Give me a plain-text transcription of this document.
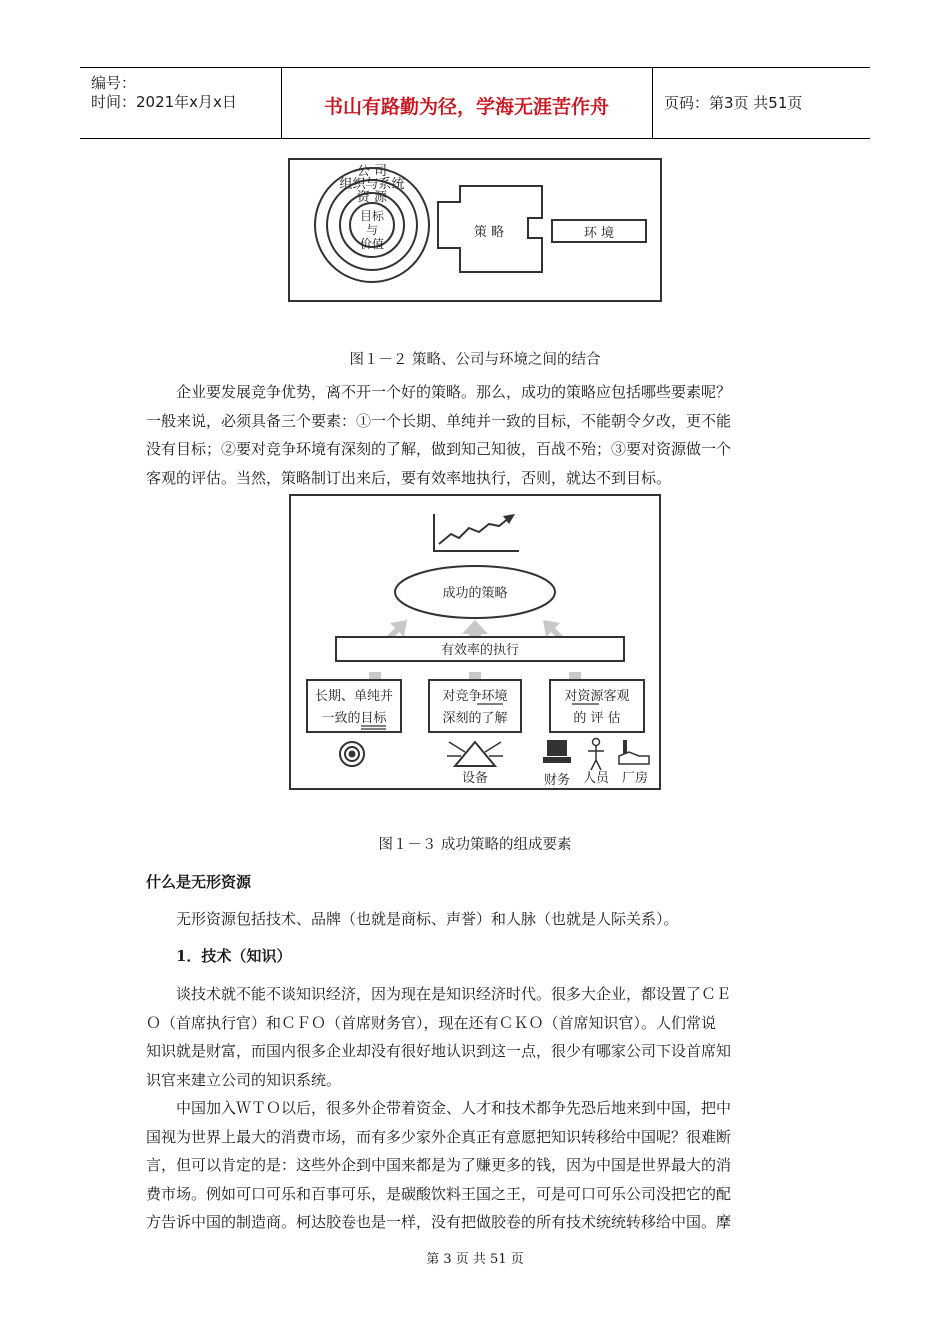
编号：
时间：2021年x月x日	书山有路勤为径，学海无涯苦作舟	页码：第3页 共51页
公 司
组织与系统
资 源
目标
与
价值
策 略	环 境
图１－２ 策略、公司与环境之间的结合
企业要发展竞争优势，离不开一个好的策略。那么，成功的策略应包括哪些要素呢？
一般来说，必须具备三个要素：①一个长期、单纯并一致的目标，不能朝令夕改，更不能
没有目标；②要对竞争环境有深刻的了解，做到知己知彼，百战不殆；③要对资源做一个
客观的评估。当然，策略制订出来后，要有效率地执行，否则，就达不到目标。
成功的策略
有效率的执行
长期、单纯并
一致的目标
对竞争环境
深刻的了解
对资源客观
的 评 估
设备	财务 人员 厂房
图１－３ 成功策略的组成要素
什么是无形资源
无形资源包括技术、品牌（也就是商标、声誉）和人脉（也就是人际关系）。
1．技术（知识）
谈技术就不能不谈知识经济，因为现在是知识经济时代。很多大企业，都设置了ＣＥ
Ｏ（首席执行官）和ＣＦＯ（首席财务官），现在还有ＣＫＯ（首席知识官）。人们常说
知识就是财富，而国内很多企业却没有很好地认识到这一点，很少有哪家公司下设首席知
识官来建立公司的知识系统。
中国加入ＷＴＯ以后，很多外企带着资金、人才和技术都争先恐后地来到中国，把中
国视为世界上最大的消费市场，而有多少家外企真正有意愿把知识转移给中国呢？很难断
言，但可以肯定的是：这些外企到中国来都是为了赚更多的钱，因为中国是世界最大的消
费市场。例如可口可乐和百事可乐，是碳酸饮料王国之王，可是可口可乐公司没把它的配
方告诉中国的制造商。柯达胶卷也是一样，没有把做胶卷的所有技术统统转移给中国。摩
第 3 页 共 51 页
